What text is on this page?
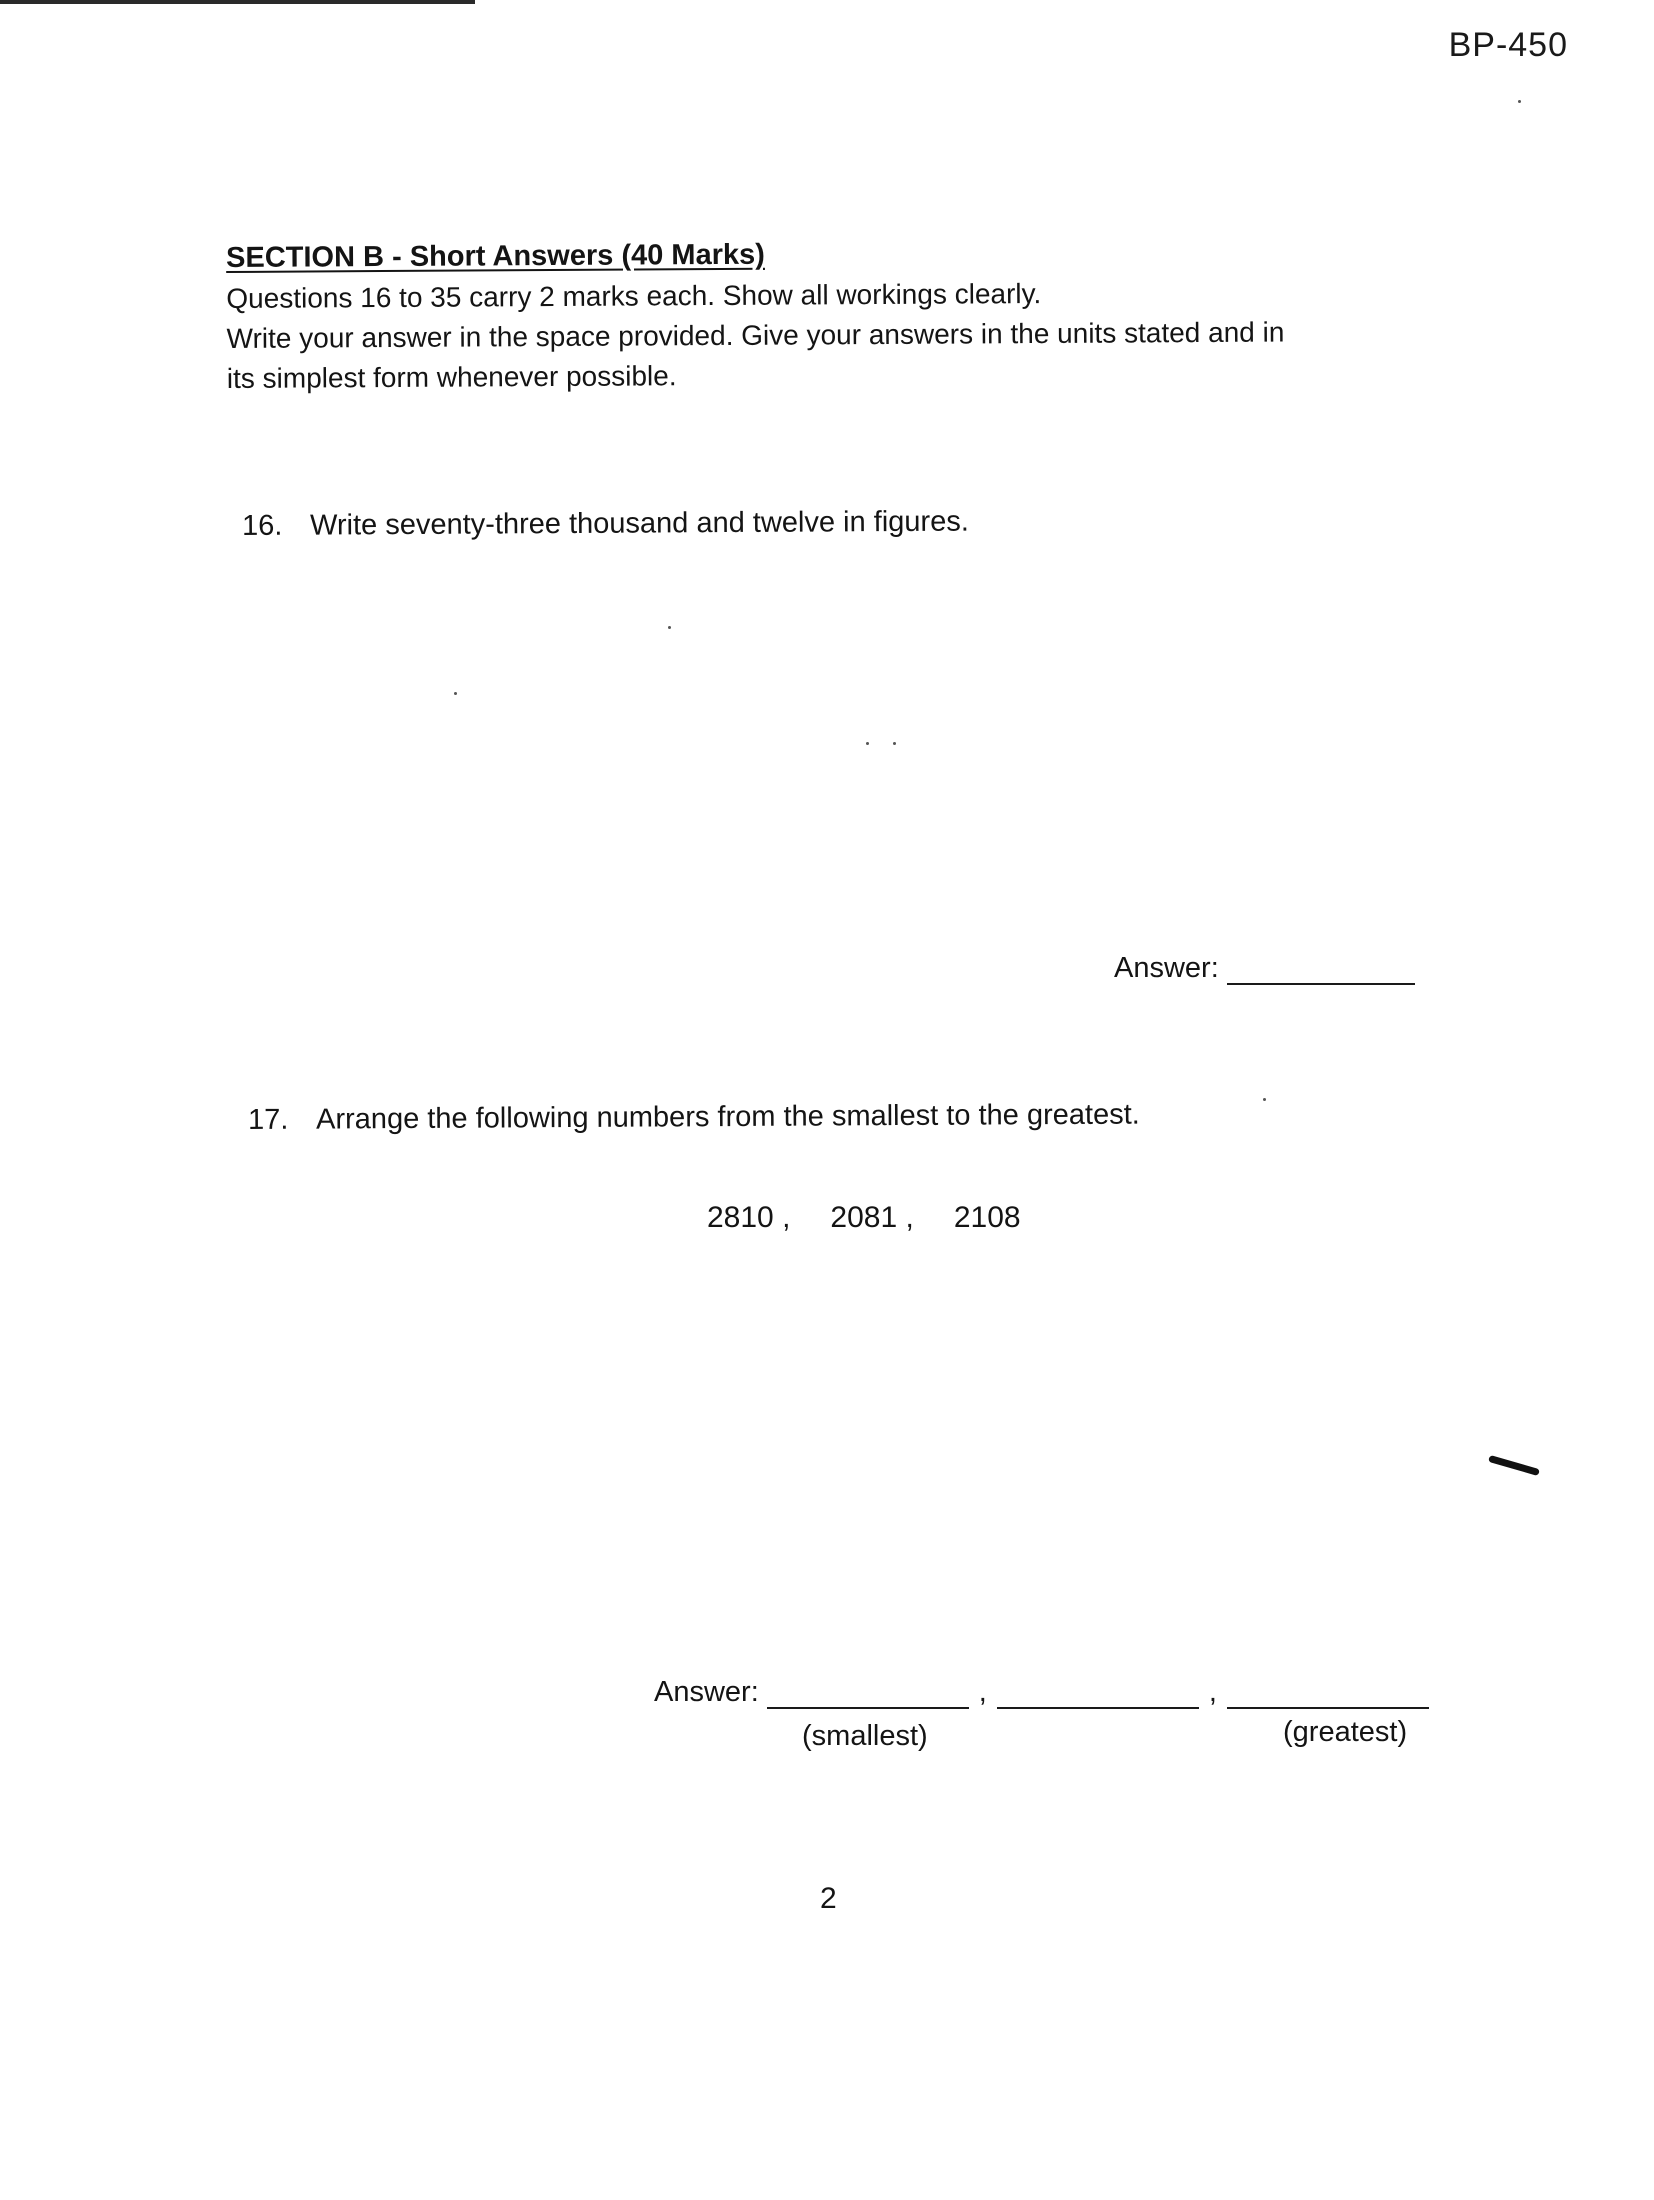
BP-450
SECTION B - Short Answers (40 Marks)

Questions 16 to 35 carry 2 marks each. Show all workings clearly.

Write your answer in the space provided. Give your answers in the units stated and in

its simplest form whenever possible.

16. Write seventy-three thousand and twelve in figures.
Answer:
17. Arrange the following numbers from the smallest to the greatest.
2810 , 2081 , 2108
Answer:	,	,
(smallest)	(greatest)
2
